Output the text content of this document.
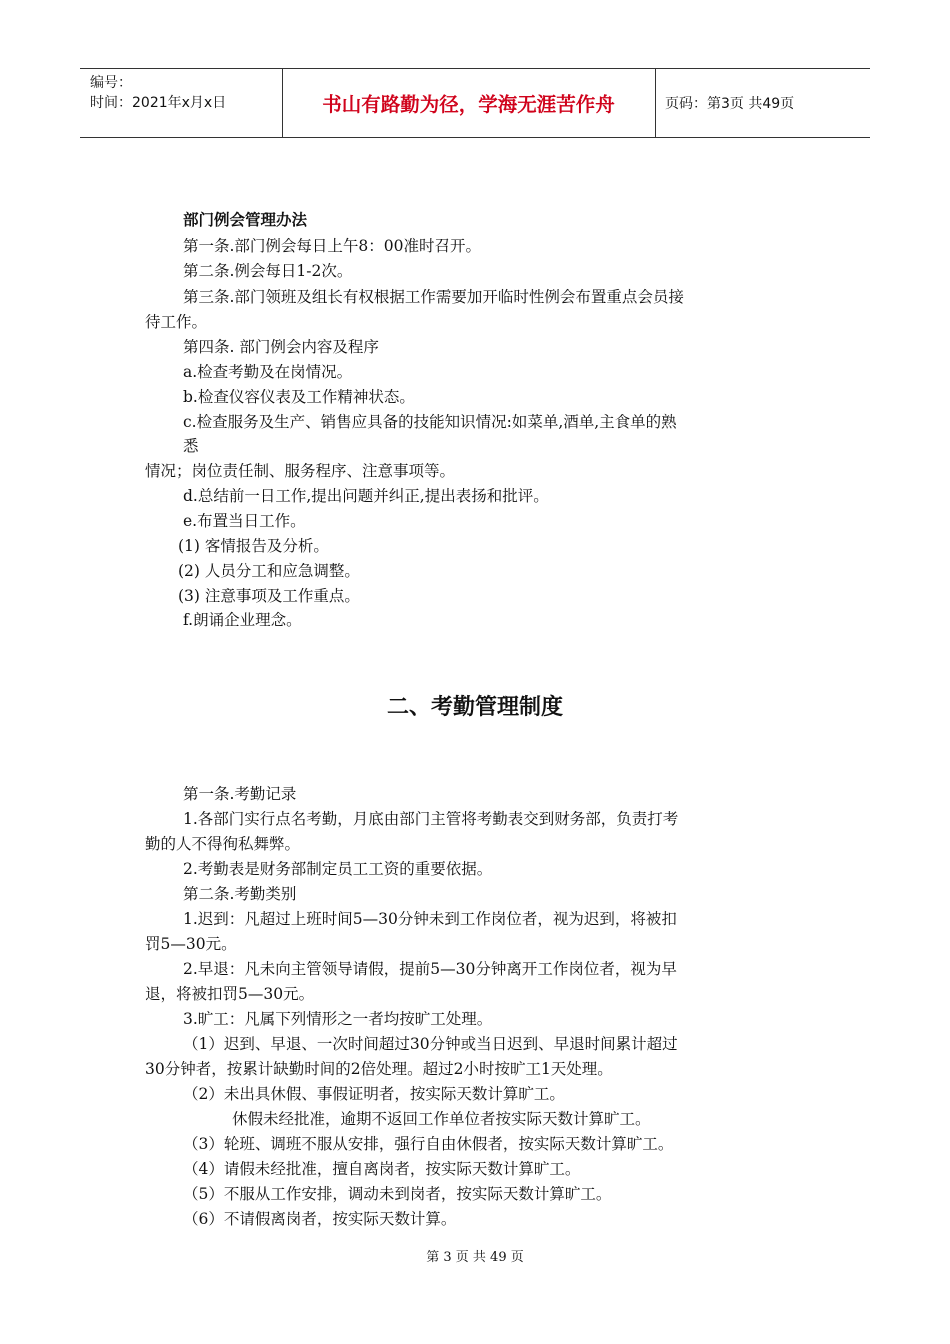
编号：
时间：2021年x月x日	书山有路勤为径，学海无涯苦作舟	页码：第3页 共49页
部门例会管理办法
第一条.部门例会每日上午8：00准时召开。
第二条.例会每日1-2次。
第三条.部门领班及组长有权根据工作需要加开临时性例会布置重点会员接
待工作。
第四条. 部门例会内容及程序
a.检查考勤及在岗情况。
b.检查仪容仪表及工作精神状态。
c.检查服务及生产、销售应具备的技能知识情况:如菜单,酒单,主食单的熟
悉
情况；岗位责任制、服务程序、注意事项等。
d.总结前一日工作,提出问题并纠正,提出表扬和批评。
e.布置当日工作。
(1) 客情报告及分析。
(2) 人员分工和应急调整。
(3) 注意事项及工作重点。
f.朗诵企业理念。
二、考勤管理制度
第一条.考勤记录
1.各部门实行点名考勤，月底由部门主管将考勤表交到财务部，负责打考
勤的人不得徇私舞弊。
2.考勤表是财务部制定员工工资的重要依据。
第二条.考勤类别
1.迟到：凡超过上班时间5—30分钟未到工作岗位者，视为迟到，将被扣
罚5—30元。
2.早退：凡未向主管领导请假，提前5—30分钟离开工作岗位者，视为早
退，将被扣罚5—30元。
3.旷工：凡属下列情形之一者均按旷工处理。
（1）迟到、早退、一次时间超过30分钟或当日迟到、早退时间累计超过
30分钟者，按累计缺勤时间的2倍处理。超过2小时按旷工1天处理。
（2）未出具休假、事假证明者，按实际天数计算旷工。
休假未经批准，逾期不返回工作单位者按实际天数计算旷工。
（3）轮班、调班不服从安排，强行自由休假者，按实际天数计算旷工。
（4）请假未经批准，擅自离岗者，按实际天数计算旷工。
（5）不服从工作安排，调动未到岗者，按实际天数计算旷工。
（6）不请假离岗者，按实际天数计算。
第 3 页 共 49 页
